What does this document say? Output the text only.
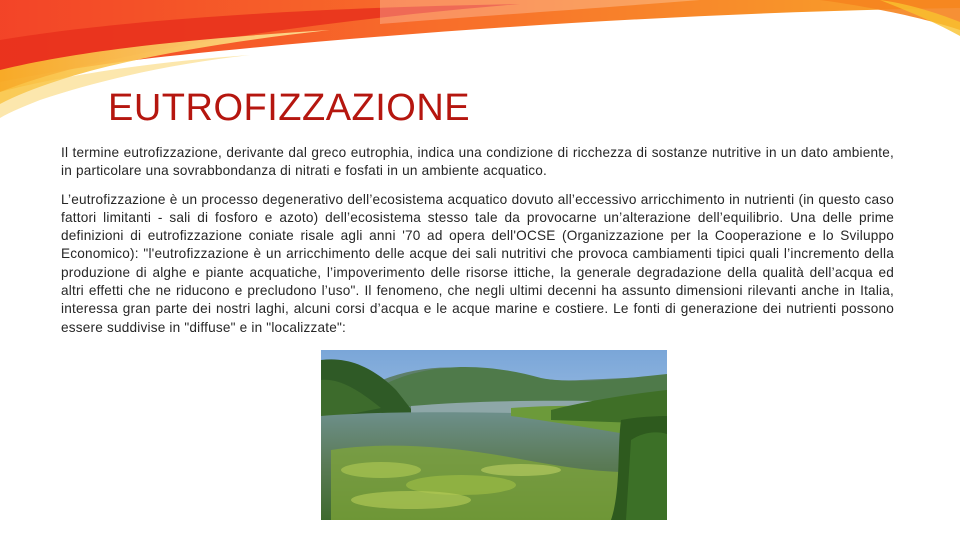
EUTROFIZZAZIONE

Il termine eutrofizzazione, derivante dal greco eutrophia, indica una condizione di ricchezza di sostanze nutritive in un dato ambiente, in particolare una sovrabbondanza di nitrati e fosfati in un ambiente acquatico.

L’eutrofizzazione è un processo degenerativo dell’ecosistema acquatico dovuto all’eccessivo arricchimento in nutrienti (in questo caso fattori limitanti - sali di fosforo e azoto) dell’ecosistema stesso tale da provocarne un’alterazione dell’equilibrio. Una delle prime definizioni di eutrofizzazione coniate risale agli anni '70 ad opera dell'OCSE (Organizzazione per la Cooperazione e lo Sviluppo Economico): "l'eutrofizzazione è un arricchimento delle acque dei sali nutritivi che provoca cambiamenti tipici quali l’incremento della produzione di alghe e piante acquatiche, l’impoverimento delle risorse ittiche, la generale degradazione della qualità dell’acqua ed altri effetti che ne riducono e precludono l’uso". Il fenomeno, che negli ultimi decenni ha assunto dimensioni rilevanti anche in Italia, interessa gran parte dei nostri laghi, alcuni corsi d’acqua e le acque marine e costiere. Le fonti di generazione dei nutrienti possono essere suddivise in "diffuse" e in "localizzate":
